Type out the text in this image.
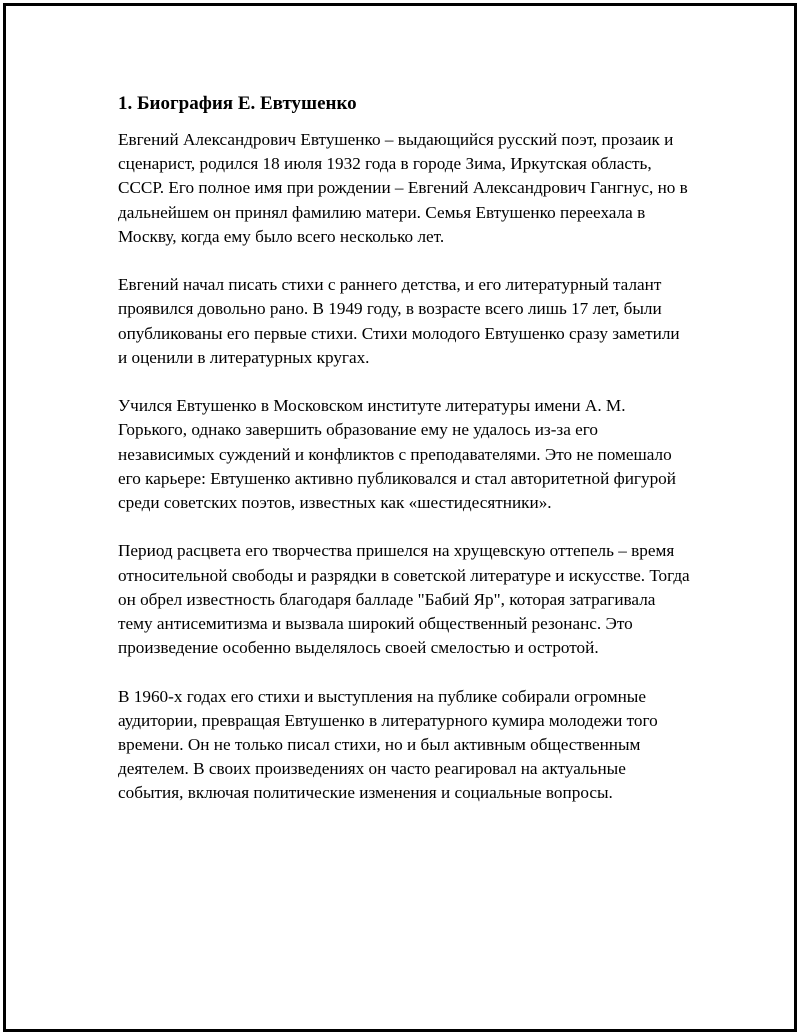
1. Биография Е. Евтушенко

Евгений Александрович Евтушенко – выдающийся русский поэт, прозаик и сценарист, родился 18 июля 1932 года в городе Зима, Иркутская область, СССР. Его полное имя при рождении – Евгений Александрович Гангнус, но в дальнейшем он принял фамилию матери. Семья Евтушенко переехала в Москву, когда ему было всего несколько лет.

Евгений начал писать стихи с раннего детства, и его литературный талант проявился довольно рано. В 1949 году, в возрасте всего лишь 17 лет, были опубликованы его первые стихи. Стихи молодого Евтушенко сразу заметили и оценили в литературных кругах.

Учился Евтушенко в Московском институте литературы имени А. М. Горького, однако завершить образование ему не удалось из-за его независимых суждений и конфликтов с преподавателями. Это не помешало его карьере: Евтушенко активно публиковался и стал авторитетной фигурой среди советских поэтов, известных как «шестидесятники».

Период расцвета его творчества пришелся на хрущевскую оттепель – время относительной свободы и разрядки в советской литературе и искусстве. Тогда он обрел известность благодаря балладе "Бабий Яр", которая затрагивала тему антисемитизма и вызвала широкий общественный резонанс. Это произведение особенно выделялось своей смелостью и остротой.

В 1960-х годах его стихи и выступления на публике собирали огромные аудитории, превращая Евтушенко в литературного кумира молодежи того времени. Он не только писал стихи, но и был активным общественным деятелем. В своих произведениях он часто реагировал на актуальные события, включая политические изменения и социальные вопросы.
